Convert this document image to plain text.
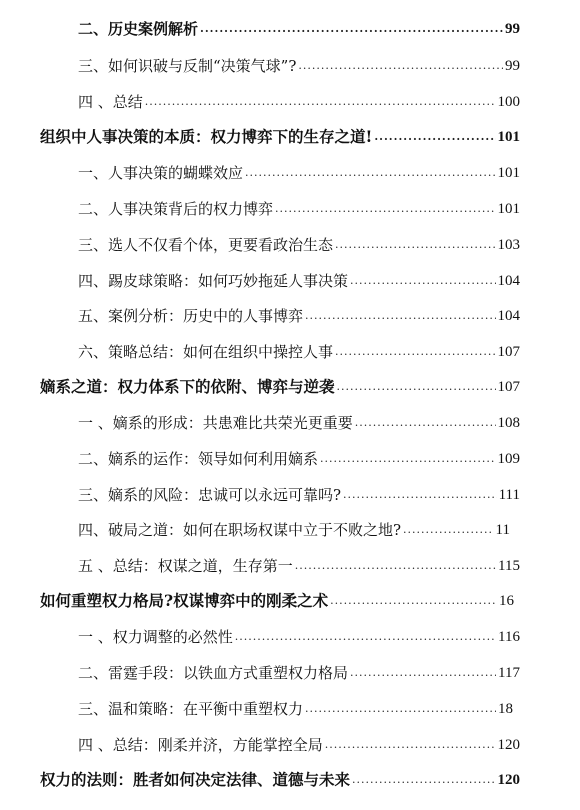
二、历史案例解析 .....	99
三、如何识破与反制“决策气球”? .....	99
四 、总结 .....	100
组织中人事决策的本质：权力博弈下的生存之道! .....	101
一、人事决策的蝴蝶效应 .....	101
二、人事决策背后的权力博弈 .....	101
三、选人不仅看个体，更要看政治生态 .....	103
四、踢皮球策略：如何巧妙拖延人事决策 .....	104
五、案例分析：历史中的人事博弈 .....	104
六、策略总结：如何在组织中操控人事 .....	107
嫡系之道：权力体系下的依附、博弈与逆袭 .....	107
一 、嫡系的形成：共患难比共荣光更重要 .....	108
二、嫡系的运作：领导如何利用嫡系 .....	109
三、嫡系的风险：忠诚可以永远可靠吗? .....	111
四、破局之道：如何在职场权谋中立于不败之地? .....	11
五 、总结：权谋之道，生存第一 .....	115
如何重塑权力格局?权谋博弈中的刚柔之术 .....	16
一 、权力调整的必然性 .....	116
二、雷霆手段：以铁血方式重塑权力格局 .....	117
三、温和策略：在平衡中重塑权力 .....	18
四 、总结：刚柔并济，方能掌控全局 .....	120
权力的法则：胜者如何决定法律、道德与未来 .....	120
